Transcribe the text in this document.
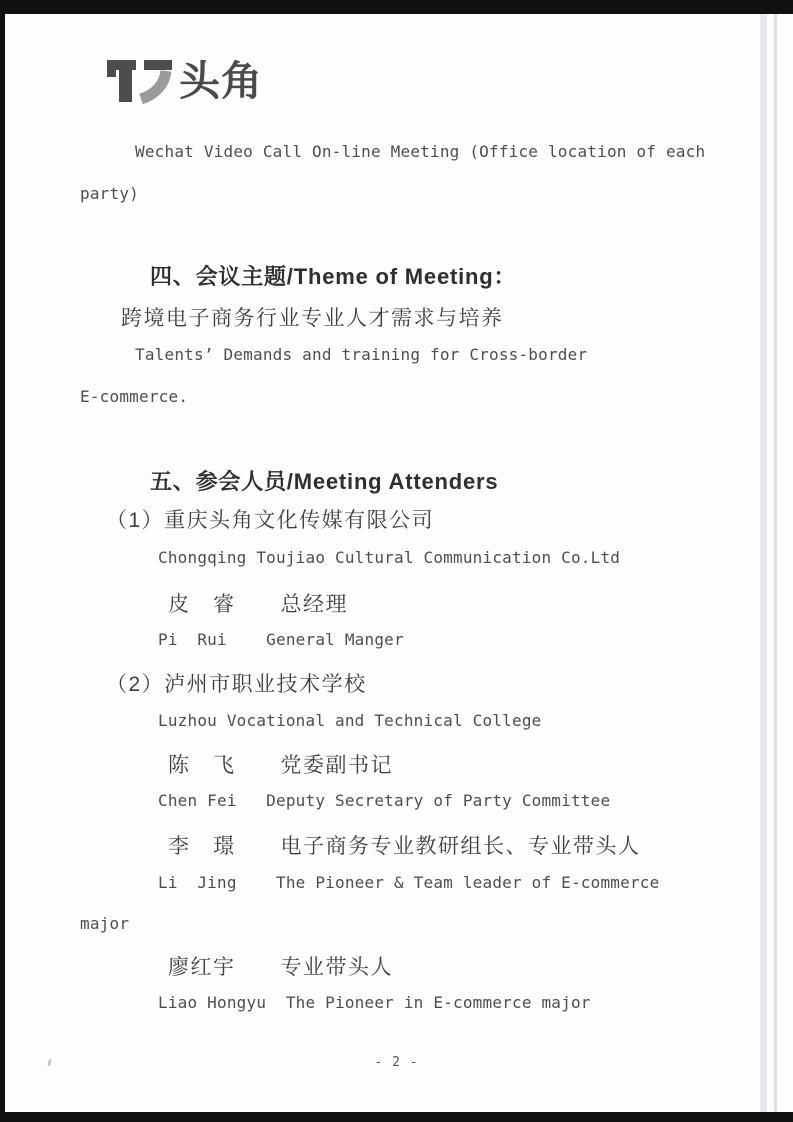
头角
Wechat Video Call On-line Meeting (Office location of each
party)
四、会议主题/Theme of Meeting：
跨境电子商务行业专业人才需求与培养
Talents’ Demands and training for Cross-border
E-commerce.
五、参会人员/Meeting Attenders
（1）重庆头角文化传媒有限公司
Chongqing Toujiao Cultural Communication Co.Ltd
皮　睿　　总经理
Pi  Rui    General Manger
（2）泸州市职业技术学校
Luzhou Vocational and Technical College
陈　飞　　党委副书记
Chen Fei   Deputy Secretary of Party Committee
李　璟　　电子商务专业教研组长、专业带头人
Li  Jing    The Pioneer & Team leader of E-commerce
major
廖红宇　　专业带头人
Liao Hongyu  The Pioneer in E-commerce major
- 2 -
